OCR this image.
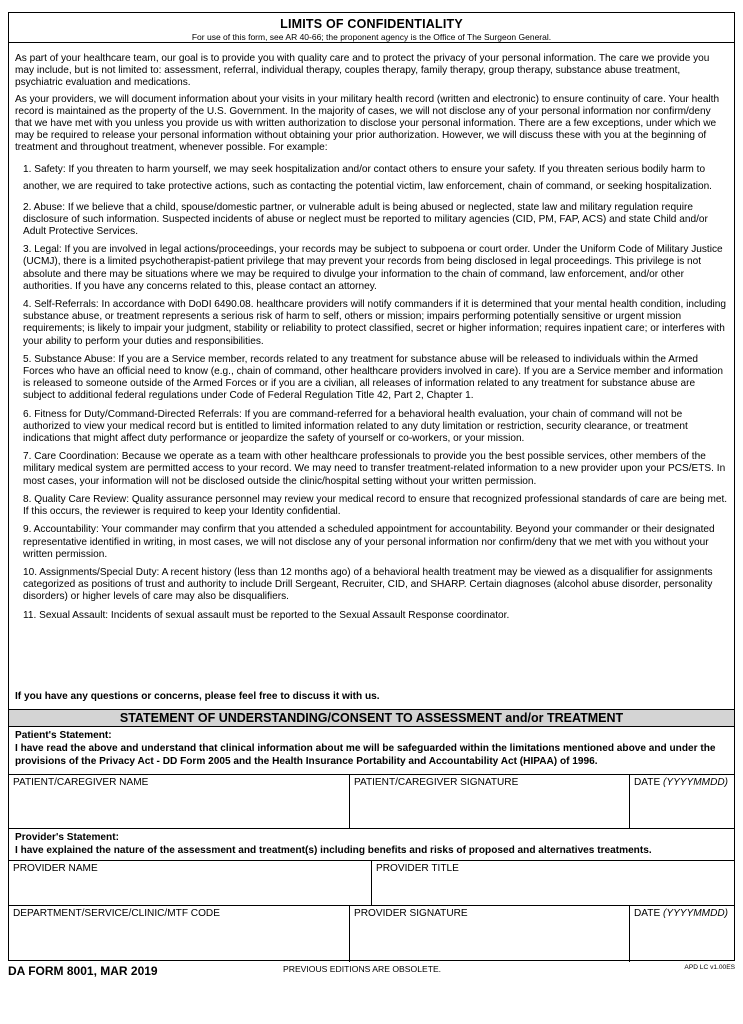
LIMITS OF CONFIDENTIALITY
For use of this form, see AR 40-66; the proponent agency is the Office of The Surgeon General.

As part of your healthcare team, our goal is to provide you with quality care and to protect the privacy of your personal information. The care we provide you may include, but is not limited to: assessment, referral, individual therapy, couples therapy, family therapy, group therapy, substance abuse treatment, psychiatric evaluation and medications.

As your providers, we will document information about your visits in your military health record (written and electronic) to ensure continuity of care. Your health record is maintained as the property of the U.S. Government. In the majority of cases, we will not disclose any of your personal information nor confirm/deny that we have met with you unless you provide us with written authorization to disclose your personal information. There are a few exceptions, under which we may be required to release your personal information without obtaining your prior authorization. However, we will discuss these with you at the beginning of treatment and throughout treatment, whenever possible. For example:

1. Safety: If you threaten to harm yourself, we may seek hospitalization and/or contact others to ensure your safety. If you threaten serious bodily harm to another, we are required to take protective actions, such as contacting the potential victim, law enforcement, chain of command, or seeking hospitalization.
2. Abuse: If we believe that a child, spouse/domestic partner, or vulnerable adult is being abused or neglected, state law and military regulation require disclosure of such information. Suspected incidents of abuse or neglect must be reported to military agencies (CID, PM, FAP, ACS) and state Child and/or Adult Protective Services.
3. Legal: If you are involved in legal actions/proceedings, your records may be subject to subpoena or court order. Under the Uniform Code of Military Justice (UCMJ), there is a limited psychotherapist-patient privilege that may prevent your records from being disclosed in legal proceedings. This privilege is not absolute and there may be situations where we may be required to divulge your information to the chain of command, law enforcement, and/or other authorities. If you have any concerns related to this, please contact an attorney.
4. Self-Referrals: In accordance with DoDI 6490.08. healthcare providers will notify commanders if it is determined that your mental health condition, including substance abuse, or treatment represents a serious risk of harm to self, others or mission; impairs performing potentially sensitive or urgent mission requirements; is likely to impair your judgment, stability or reliability to protect classified, secret or higher information; requires inpatient care; or interferes with your ability to perform your duties and responsibilities.
5. Substance Abuse: If you are a Service member, records related to any treatment for substance abuse will be released to individuals within the Armed Forces who have an official need to know (e.g., chain of command, other healthcare providers involved in care). If you are a Service member and information is released to someone outside of the Armed Forces or if you are a civilian, all releases of information related to any treatment for substance abuse are subject to additional federal regulations under Code of Federal Regulation Title 42, Part 2, Chapter 1.
6. Fitness for Duty/Command-Directed Referrals: If you are command-referred for a behavioral health evaluation, your chain of command will not be authorized to view your medical record but is entitled to limited information related to any duty limitation or restriction, security clearance, or treatment indications that might affect duty performance or jeopardize the safety of yourself or co-workers, or your mission.
7. Care Coordination: Because we operate as a team with other healthcare professionals to provide you the best possible services, other members of the military medical system are permitted access to your record. We may need to transfer treatment-related information to a new provider upon your PCS/ETS. In most cases, your information will not be disclosed outside the clinic/hospital setting without your written permission.
8. Quality Care Review: Quality assurance personnel may review your medical record to ensure that recognized professional standards of care are being met. If this occurs, the reviewer is required to keep your Identity confidential.
9. Accountability: Your commander may confirm that you attended a scheduled appointment for accountability. Beyond your commander or their designated representative identified in writing, in most cases, we will not disclose any of your personal information nor confirm/deny that we met with you without your written permission.
10. Assignments/Special Duty: A recent history (less than 12 months ago) of a behavioral health treatment may be viewed as a disqualifier for assignments categorized as positions of trust and authority to include Drill Sergeant, Recruiter, CID, and SHARP. Certain diagnoses (alcohol abuse disorder, personality disorders) or higher levels of care may also be disqualifiers.
11. Sexual Assault: Incidents of sexual assault must be reported to the Sexual Assault Response coordinator.
If you have any questions or concerns, please feel free to discuss it with us.
STATEMENT OF UNDERSTANDING/CONSENT TO ASSESSMENT and/or TREATMENT
Patient's Statement:
I have read the above and understand that clinical information about me will be safeguarded within the limitations mentioned above and under the provisions of the Privacy Act - DD Form 2005 and the Health Insurance Portability and Accountability Act (HIPAA) of 1996.
PATIENT/CAREGIVER NAME	PATIENT/CAREGIVER SIGNATURE	DATE (YYYYMMDD)
Provider's Statement:
I have explained the nature of the assessment and treatment(s) including benefits and risks of proposed and alternatives treatments.
PROVIDER NAME	PROVIDER TITLE
DEPARTMENT/SERVICE/CLINIC/MTF CODE	PROVIDER SIGNATURE	DATE (YYYYMMDD)
DA FORM 8001, MAR 2019	PREVIOUS EDITIONS ARE OBSOLETE.	APD LC v1.00ES
